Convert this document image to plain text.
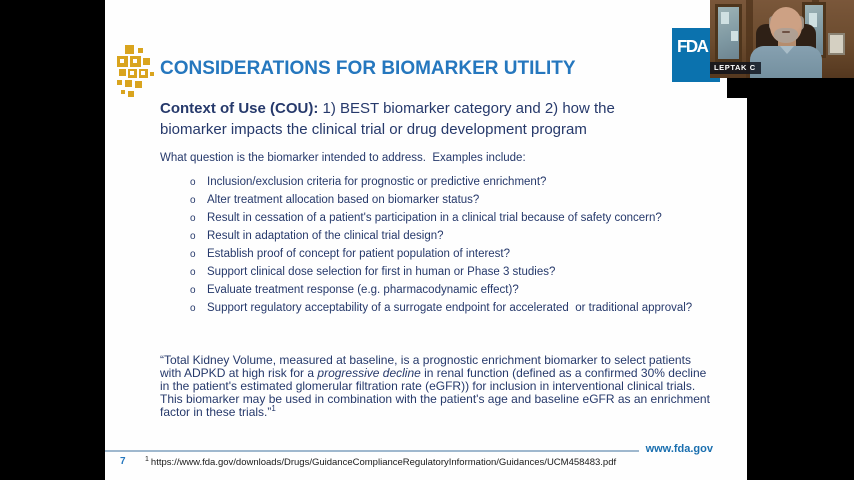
CONSIDERATIONS FOR BIOMARKER UTILITY

Context of Use (COU): 1) BEST biomarker category and 2) how the biomarker impacts the clinical trial or drug development program

What question is the biomarker intended to address.  Examples include:

o Inclusion/exclusion criteria for prognostic or predictive enrichment?
o Alter treatment allocation based on biomarker status?
o Result in cessation of a patient's participation in a clinical trial because of safety concern?
o Result in adaptation of the clinical trial design?
o Establish proof of concept for patient population of interest?
o Support clinical dose selection for first in human or Phase 3 studies?
o Evaluate treatment response (e.g. pharmacodynamic effect)?
o Support regulatory acceptability of a surrogate endpoint for accelerated  or traditional approval?

“Total Kidney Volume, measured at baseline, is a prognostic enrichment biomarker to select patients with ADPKD at high risk for a progressive decline in renal function (defined as a confirmed 30% decline in the patient's estimated glomerular filtration rate (eGFR)) for inclusion in interventional clinical trials. This biomarker may be used in combination with the patient's age and baseline eGFR as an enrichment factor in these trials.”$^1$

FDA
www.fda.gov
7	$^1$ https://www.fda.gov/downloads/Drugs/GuidanceComplianceRegulatoryInformation/Guidances/UCM458483.pdf
LEPTAK C
